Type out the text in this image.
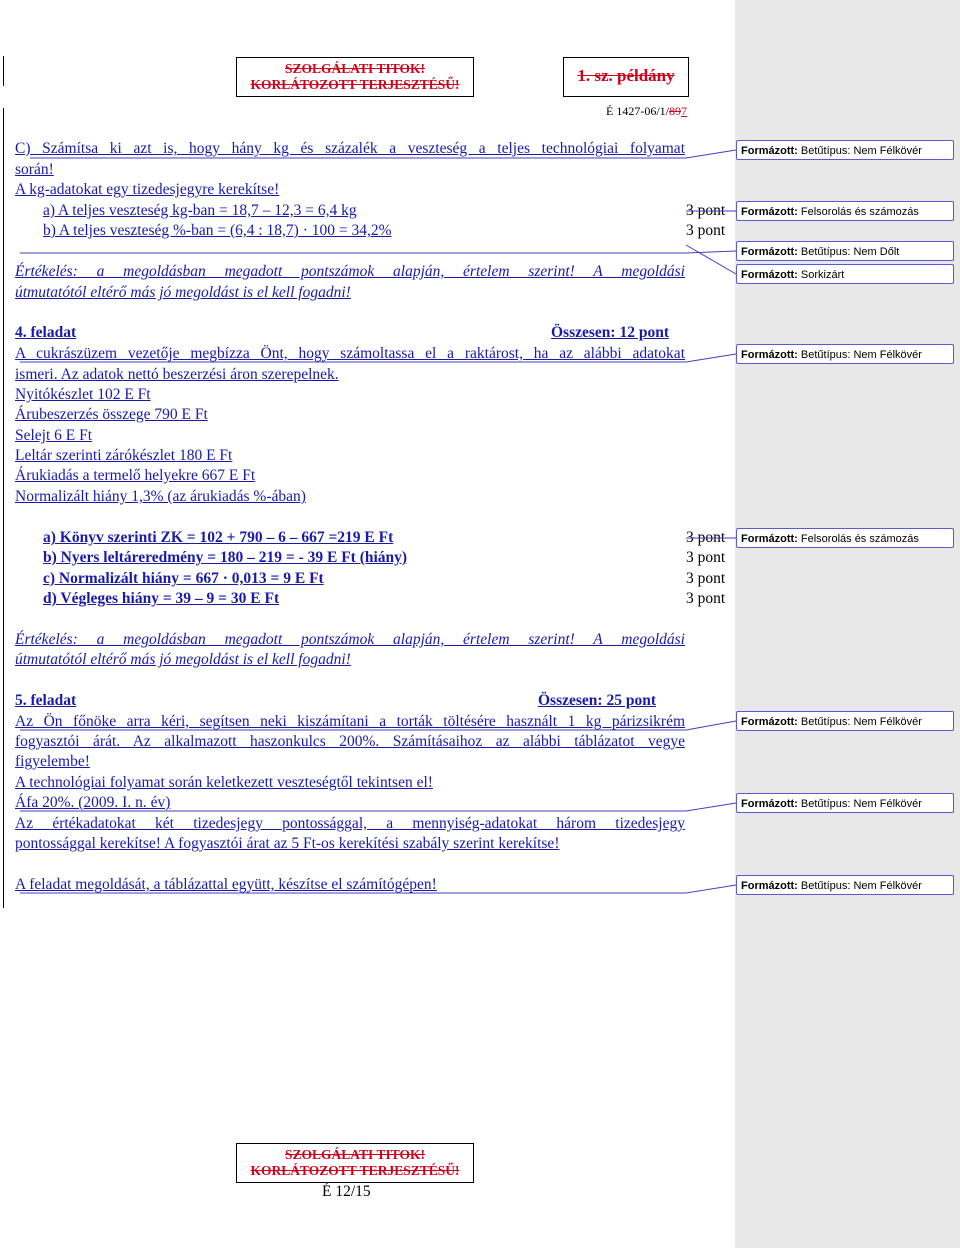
SZOLGÁLATI TITOK!
KORLÁTOZOTT TERJESZTÉSŰ!	1. sz. példány
É 1427-06/1/897
C) Számítsa ki azt is, hogy hány kg és százalék a veszteség a teljes technológiai folyamat
során!
A kg-adatokat egy tizedesjegyre kerekítse!
a) A teljes veszteség kg-ban = 18,7 – 12,3 = 6,4 kg	3 pont
b) A teljes veszteség %-ban = (6,4 : 18,7) · 100 = 34,2%	3 pont
Értékelés: a megoldásban megadott pontszámok alapján, értelem szerint! A megoldási
útmutatótól eltérő más jó megoldást is el kell fogadni!
4. feladat	Összesen: 12 pont
A cukrászüzem vezetője megbízza Önt, hogy számoltassa el a raktárost, ha az alábbi adatokat
ismeri. Az adatok nettó beszerzési áron szerepelnek.
Nyitókészlet 102 E Ft
Árubeszerzés összege 790 E Ft
Selejt 6 E Ft
Leltár szerinti zárókészlet 180 E Ft
Árukiadás a termelő helyekre 667 E Ft
Normalizált hiány 1,3% (az árukiadás %-ában)
a) Könyv szerinti ZK = 102 + 790 – 6 – 667 =219 E Ft	3 pont
b) Nyers leltáreredmény = 180 – 219 = - 39 E Ft (hiány)	3 pont
c) Normalizált hiány = 667 · 0,013 = 9 E Ft	3 pont
d) Végleges hiány = 39 – 9 = 30 E Ft	3 pont
Értékelés: a megoldásban megadott pontszámok alapján, értelem szerint! A megoldási
útmutatótól eltérő más jó megoldást is el kell fogadni!
5. feladat	Összesen: 25 pont
Az Ön főnöke arra kéri, segítsen neki kiszámítani a torták töltésére használt 1 kg párizsikrém
fogyasztói árát. Az alkalmazott haszonkulcs 200%. Számításaihoz az alábbi táblázatot vegye
figyelembe!
A technológiai folyamat során keletkezett veszteségtől tekintsen el!
Áfa 20%. (2009. I. n. év)
Az értékadatokat két tizedesjegy pontossággal, a mennyiség-adatokat három tizedesjegy
pontossággal kerekítse! A fogyasztói árat az 5 Ft-os kerekítési szabály szerint kerekítse!
A feladat megoldását, a táblázattal együtt, készítse el számítógépen!
SZOLGÁLATI TITOK!
KORLÁTOZOTT TERJESZTÉSŰ!
É 12/15
Formázott: Betűtípus: Nem Félkövér
Formázott: Felsorolás és számozás
Formázott: Betűtípus: Nem Dőlt
Formázott: Sorkizárt
Formázott: Betűtípus: Nem Félkövér
Formázott: Felsorolás és számozás
Formázott: Betűtípus: Nem Félkövér
Formázott: Betűtípus: Nem Félkövér
Formázott: Betűtípus: Nem Félkövér
